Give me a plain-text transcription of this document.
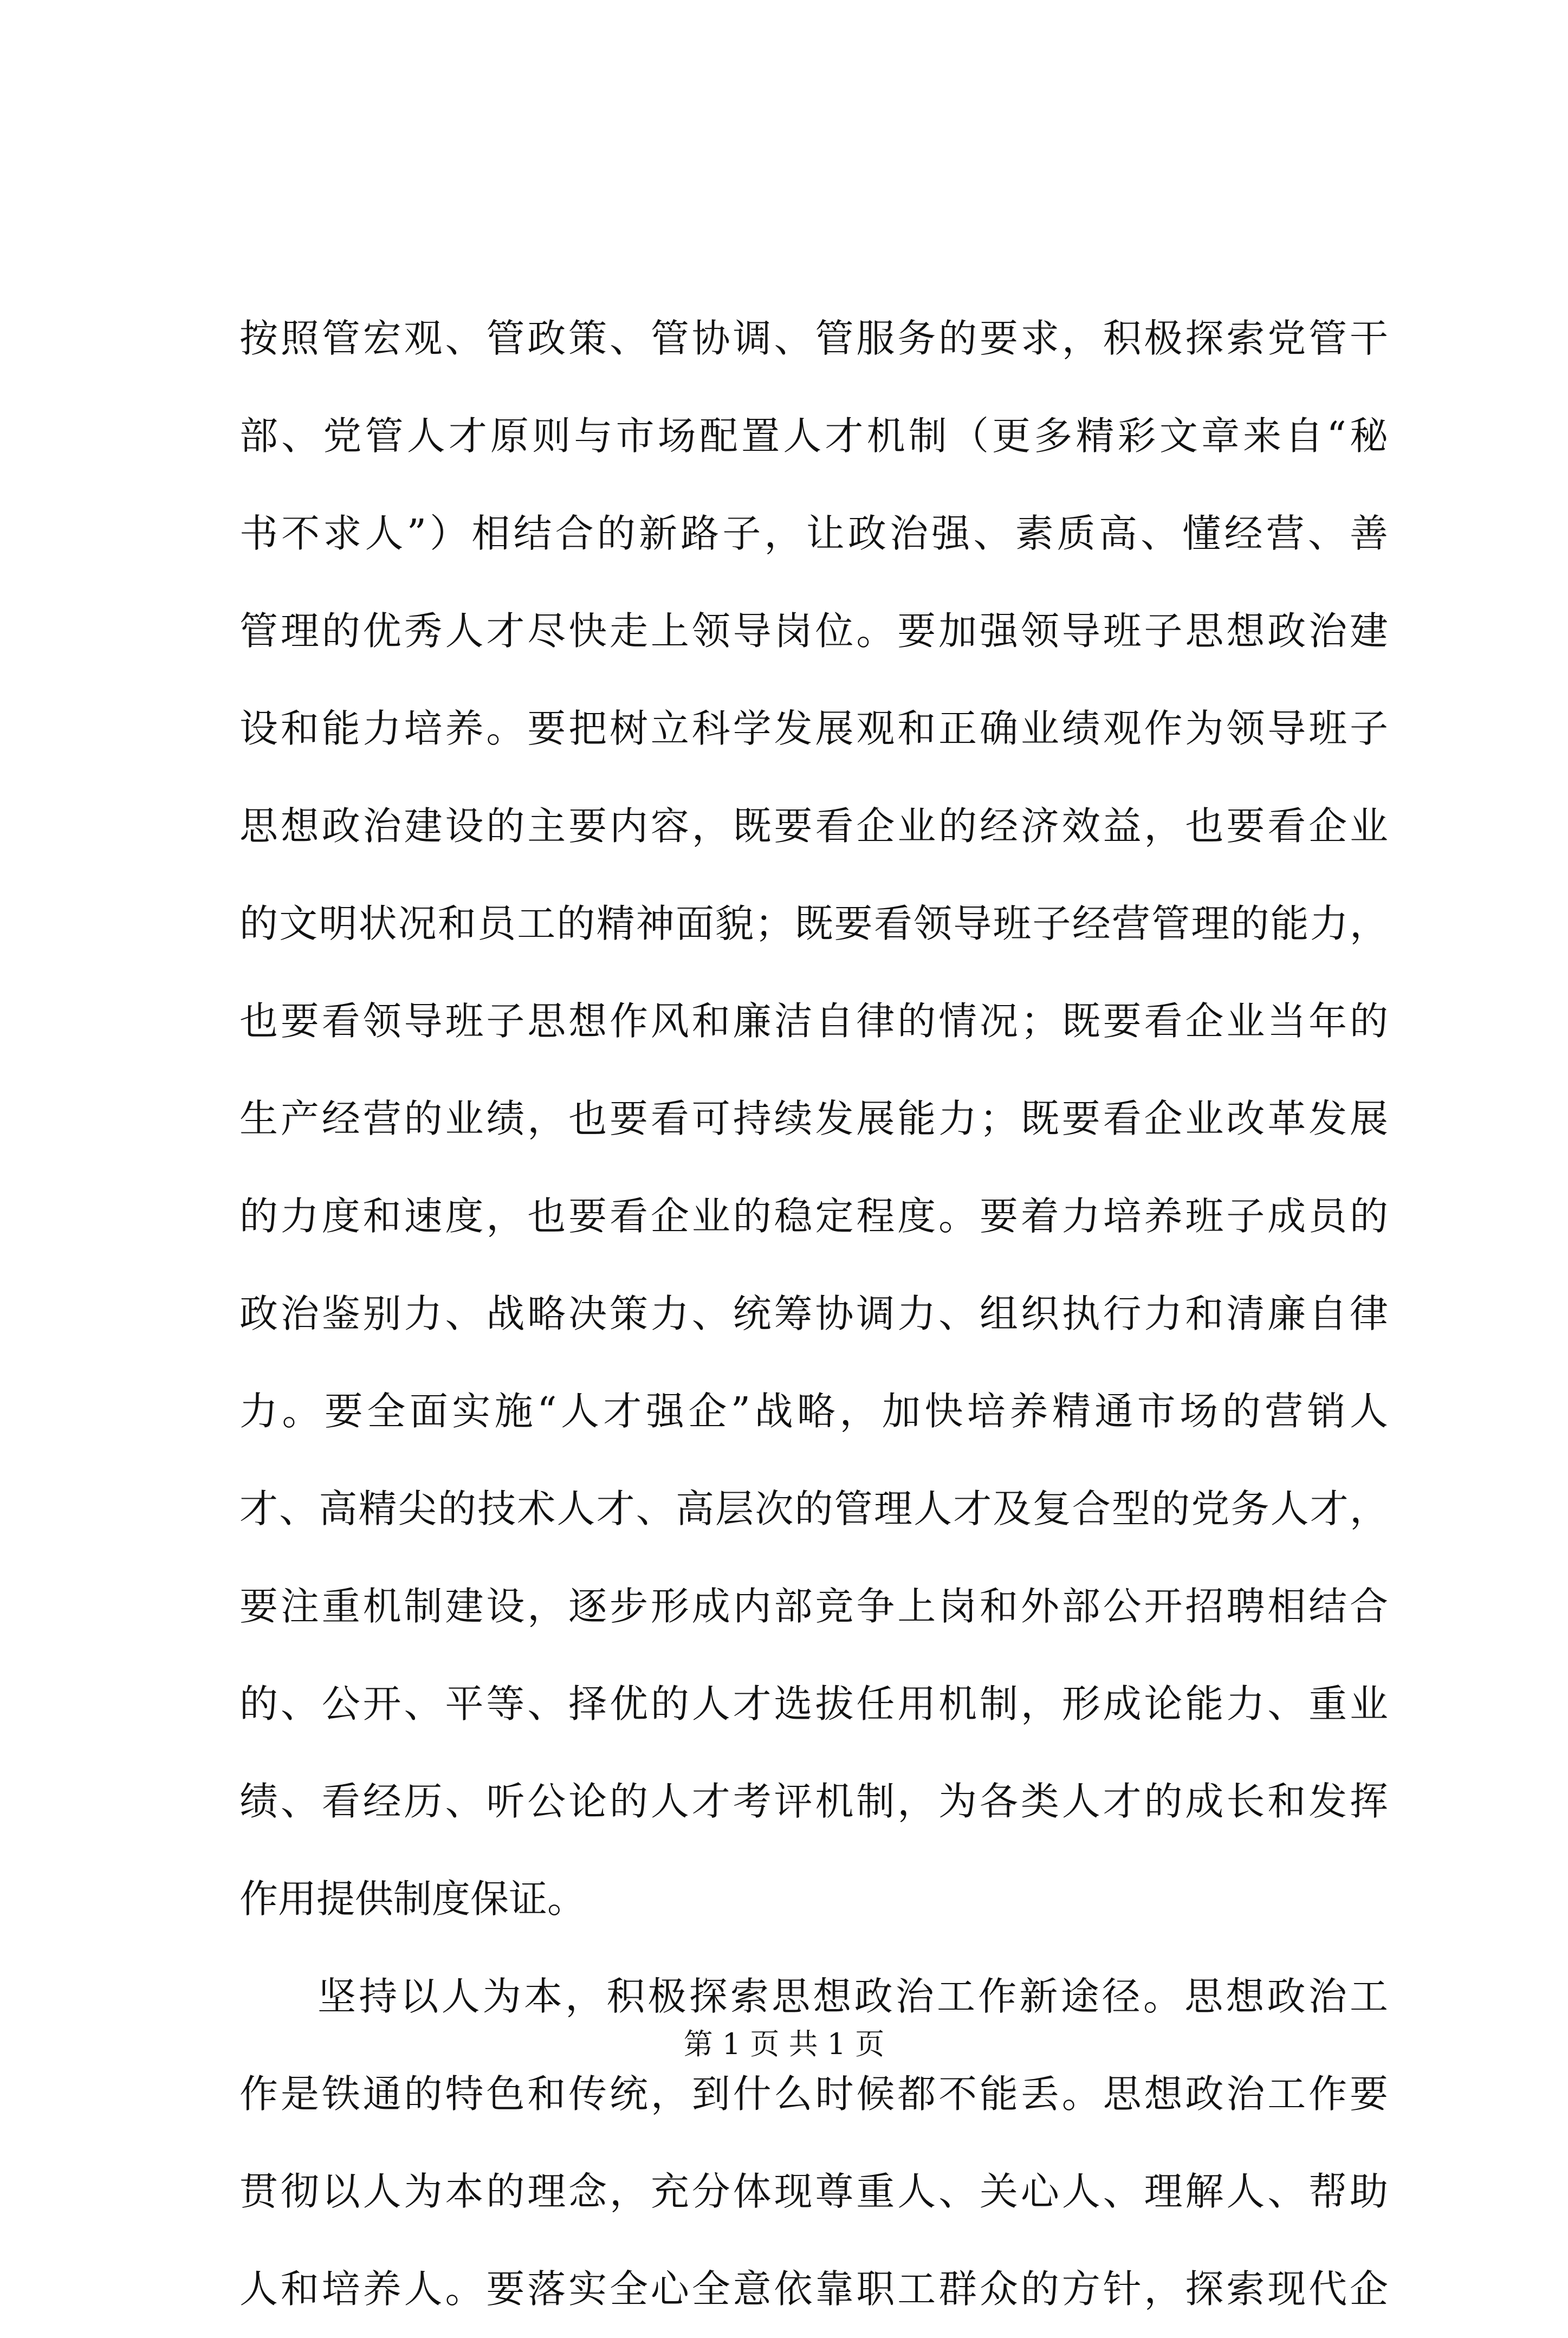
按照管宏观、管政策、管协调、管服务的要求，积极探索党管干
部、党管人才原则与市场配置人才机制（更多精彩文章来自“秘
书不求人”）相结合的新路子，让政治强、素质高、懂经营、善
管理的优秀人才尽快走上领导岗位。要加强领导班子思想政治建
设和能力培养。要把树立科学发展观和正确业绩观作为领导班子
思想政治建设的主要内容，既要看企业的经济效益，也要看企业
的文明状况和员工的精神面貌；既要看领导班子经营管理的能力，
也要看领导班子思想作风和廉洁自律的情况；既要看企业当年的
生产经营的业绩，也要看可持续发展能力；既要看企业改革发展
的力度和速度，也要看企业的稳定程度。要着力培养班子成员的
政治鉴别力、战略决策力、统筹协调力、组织执行力和清廉自律
力。要全面实施“人才强企”战略，加快培养精通市场的营销人
才、高精尖的技术人才、高层次的管理人才及复合型的党务人才，
要注重机制建设，逐步形成内部竞争上岗和外部公开招聘相结合
的、公开、平等、择优的人才选拔任用机制，形成论能力、重业
绩、看经历、听公论的人才考评机制，为各类人才的成长和发挥
作用提供制度保证。
坚持以人为本，积极探索思想政治工作新途径。思想政治工
作是铁通的特色和传统，到什么时候都不能丢。思想政治工作要
贯彻以人为本的理念，充分体现尊重人、关心人、理解人、帮助
人和培养人。要落实全心全意依靠职工群众的方针，探索现代企
第 1 页 共 1 页
